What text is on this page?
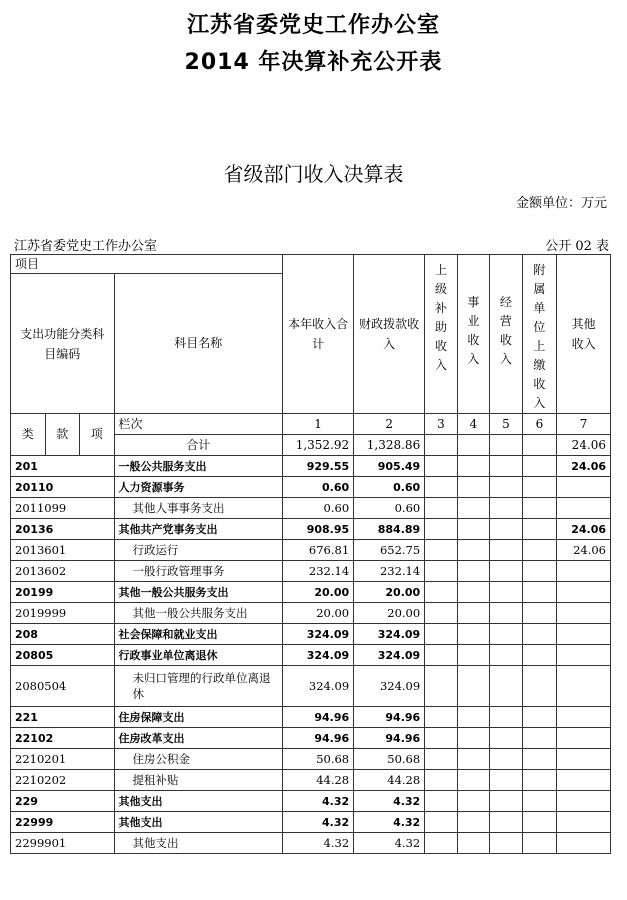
江苏省委党史工作办公室
2014 年决算补充公开表
省级部门收入决算表
金额单位：万元
江苏省委党史工作办公室	公开 02 表
项目				本年收入合计	财政拨款收入	上级补助收入	事业收入	经营收入	附属单位上缴收入	其他收入

支出功能分类科目编码			科目名称							
类	款	项	栏次	1	2	3	4	5	6	7
			合计	1,352.92	1,328.86					24.06
201			一般公共服务支出	929.55	905.49					24.06
20110			人力资源事务	0.60	0.60					
2011099			其他人事事务支出	0.60	0.60					
20136			其他共产党事务支出	908.95	884.89					24.06
2013601			行政运行	676.81	652.75					24.06
2013602			一般行政管理事务	232.14	232.14					
20199			其他一般公共服务支出	20.00	20.00					
2019999			其他一般公共服务支出	20.00	20.00					
208			社会保障和就业支出	324.09	324.09					
20805			行政事业单位离退休	324.09	324.09					
2080504			未归口管理的行政单位离退休	324.09	324.09					
221			住房保障支出	94.96	94.96					
22102			住房改革支出	94.96	94.96					
2210201			住房公积金	50.68	50.68					
2210202			提租补贴	44.28	44.28					
229			其他支出	4.32	4.32					
22999			其他支出	4.32	4.32					
2299901			其他支出	4.32	4.32					
